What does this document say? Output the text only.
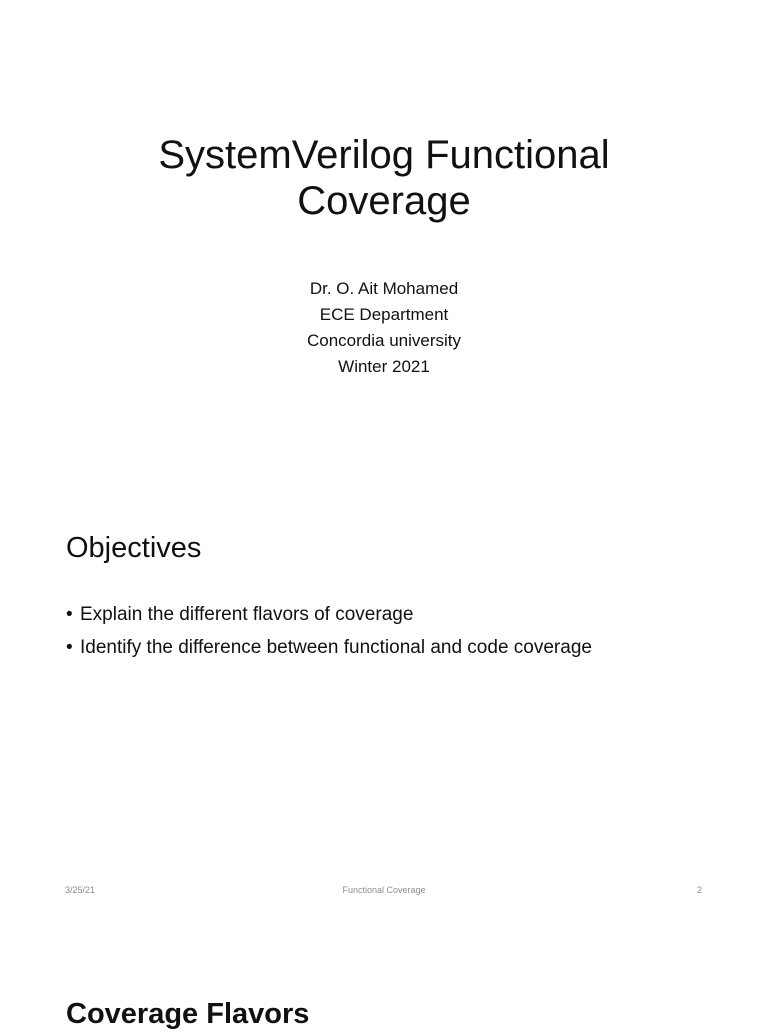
SystemVerilog Functional
Coverage
Dr. O. Ait Mohamed
ECE Department
Concordia university
Winter 2021
Objectives
• Explain the different flavors of coverage
• Identify the difference between functional and code coverage
3/25/21	Functional Coverage	2
Coverage Flavors
